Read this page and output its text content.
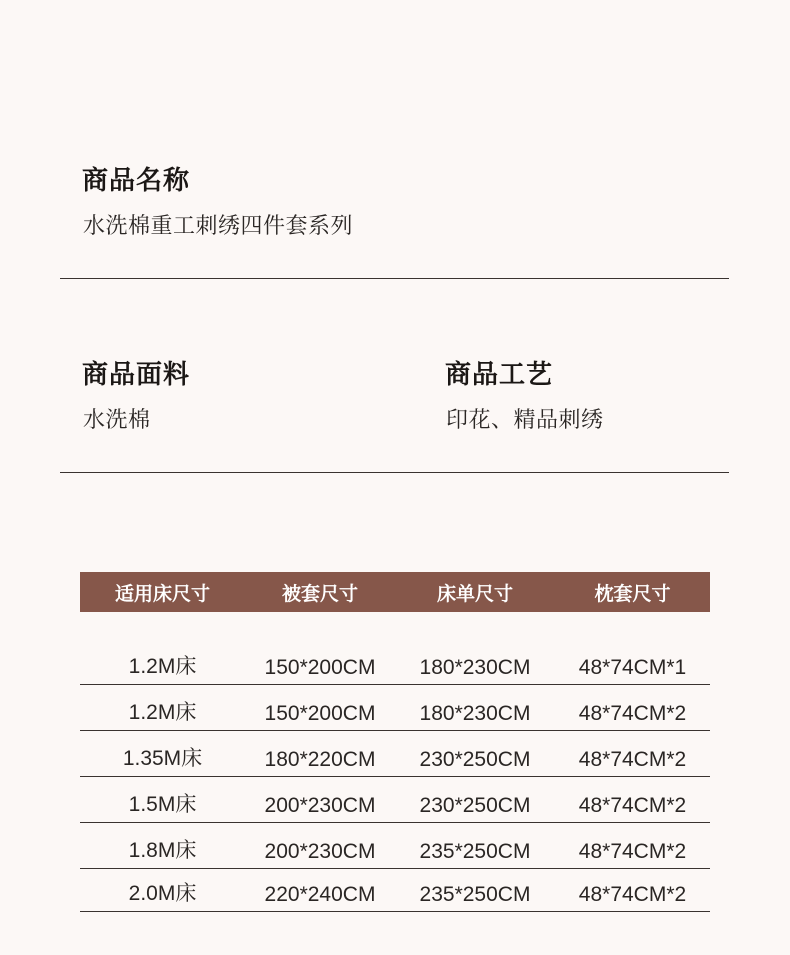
商品名称
水洗棉重工刺绣四件套系列
商品面料
水洗棉
商品工艺
印花、精品刺绣
适用床尺寸	被套尺寸	床单尺寸	枕套尺寸
1.2M床	150*200CM	180*230CM	48*74CM*1
1.2M床	150*200CM	180*230CM	48*74CM*2
1.35M床	180*220CM	230*250CM	48*74CM*2
1.5M床	200*230CM	230*250CM	48*74CM*2
1.8M床	200*230CM	235*250CM	48*74CM*2
2.0M床	220*240CM	235*250CM	48*74CM*2
